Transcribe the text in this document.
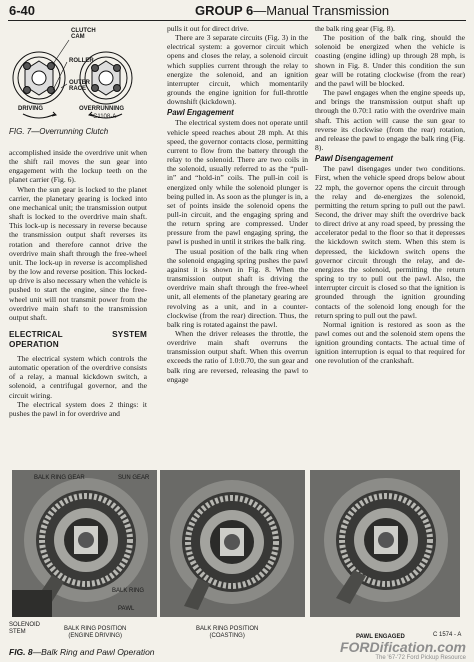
6-40	GROUP 6—Manual Transmission
CLUTCH
CAM
ROLLER
OUTER
RACE
DRIVING	OVERRUNNING
C1108-A
FIG. 7—Overrunning Clutch

accomplished inside the overdrive unit when the shift rail moves the sun gear into engagement with the lockup teeth on the planet carrier (Fig. 6).

When the sun gear is locked to the planet carrier, the planetary gearing is locked into one mechanical unit; the transmission output shaft is locked to the overdrive main shaft. This lock-up is necessary in reverse because the transmission output shaft reverses its rotation and therefore cannot drive the overdrive main shaft through the free-wheel unit. The lock-up in reverse is accomplished by the low and reverse position. This locked-up drive is also necessary when the vehicle is pushed to start the engine, since the free-wheel unit will not transmit power from the overdrive main shaft to the transmission output shaft.

ELECTRICAL SYSTEM OPERATION

The electrical system which controls the automatic operation of the overdrive consists of a relay, a manual kickdown switch, a solenoid, a centrifugal governor, and the circuit wiring.

The electrical system does 2 things: it pushes the pawl in for overdrive and

pulls it out for direct drive.

There are 3 separate circuits (Fig. 3) in the electrical system: a governor circuit which opens and closes the relay, a solenoid circuit which supplies current through the relay to energize the solenoid, and an ignition interrupter circuit, which momentarily grounds the engine ignition for full-throttle downshift (kickdown).

Pawl Engagement

The electrical system does not operate until vehicle speed reaches about 28 mph. At this speed, the governor contacts close, permitting current to flow from the battery through the relay to the solenoid. There are two coils in the solenoid, usually referred to as the “pull-in” and “hold-in” coils. The pull-in coil is energized only while the solenoid plunger is being pulled in. As soon as the plunger is in, a set of points inside the solenoid opens the pull-in circuit, and the engaging spring and the return spring are compressed. Under pressure from the pawl engaging spring, the pawl is pushed in until it strikes the balk ring.

The usual position of the balk ring when the solenoid engaging spring pushes the pawl against it is shown in Fig. 8. When the transmission output shaft is driving the overdrive main shaft through the free-wheel unit, all elements of the planetary gearing are revolving as a unit, and in a counter-clockwise (from the rear) direction. Thus, the balk ring is rotated against the pawl.

When the driver releases the throttle, the overdrive main shaft overruns the transmission output shaft. When this overrun exceeds the ratio of 1.0:0.70, the sun gear and balk ring are reversed, releasing the pawl to engage

the balk ring gear (Fig. 8).

The position of the balk ring, should the solenoid be energized when the vehicle is coasting (engine idling) up through 28 mph, is shown in Fig. 8. Under this condition the sun gear will be rotating clockwise (from the rear) and the pawl will be blocked.

The pawl engages when the engine speeds up, and brings the transmission output shaft up through the 0.70:1 ratio with the overdrive main shaft. This action will cause the sun gear to reverse its clockwise (from the rear) rotation, and release the pawl to engage the balk ring (Fig. 8).

Pawl Disengagement

The pawl disengages under two conditions. First, when the vehicle speed drops below about 22 mph, the governor opens the circuit through the relay and de-energizes the solenoid, permitting the return spring to pull out the pawl. Second, the driver may shift the overdrive back to direct drive at any road speed, by pressing the accelerator pedal to the floor so that it depresses the kickdown switch stem. When this stem is depressed, the kickdown switch opens the governor circuit through the relay, and de-energizes the solenoid, permitting the return spring to try to pull out the pawl. Also, the interrupter circuit is closed so that the ignition is grounded through the ignition grounding contacts of the solenoid long enough for the return spring to pull out the pawl.

Normal ignition is restored as soon as the pawl comes out and the solenoid stem opens the ignition grounding contacts. The actual time of ignition interruption is equal to that required for one revolution of the crankshaft.

BALK RING GEAR	SUN GEAR
BALK RING
PAWL
SOLENOID
STEM	BALK RING POSITION
(ENGINE DRIVING)
BALK RING POSITION
(COASTING)	PAWL ENGAGED	C 1574 - A
FIG. 8—Balk Ring and Pawl Operation	FORDification.com
The '67-'72 Ford Pickup Resource
